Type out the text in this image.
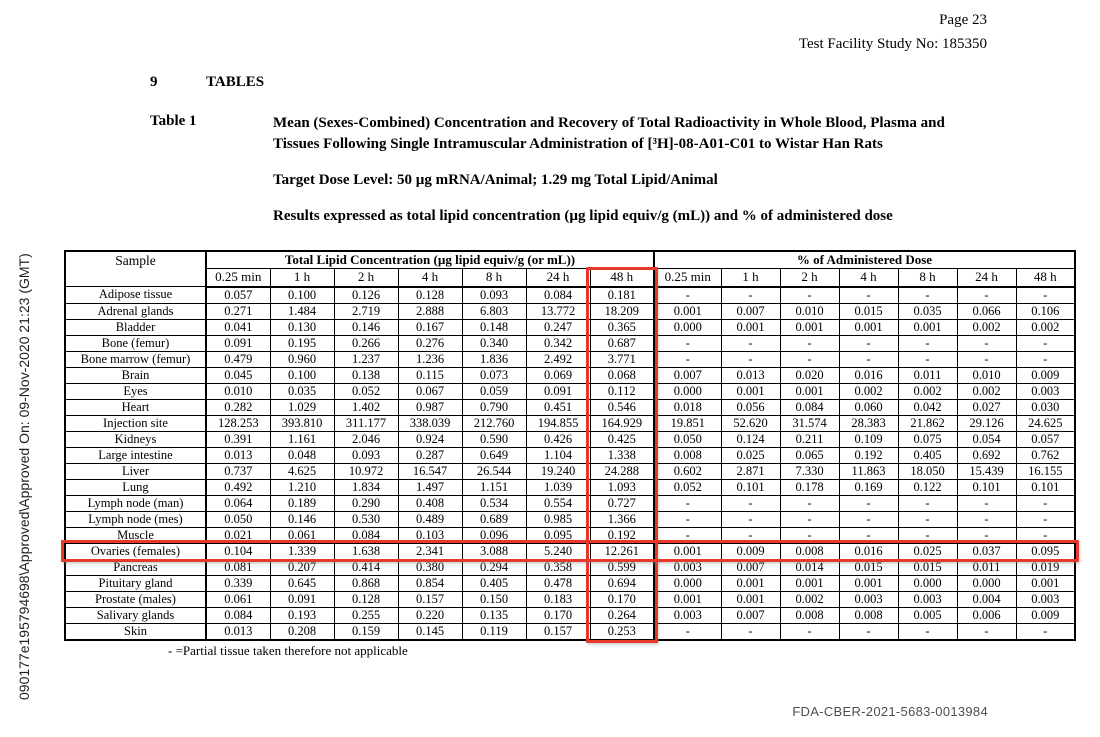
090177e195794698\Approved\Approved On: 09-Nov-2020 21:23 (GMT)
Page 23
Test Facility Study No: 185350
9	TABLES
Table 1	Mean (Sexes-Combined) Concentration and Recovery of Total Radioactivity in Whole Blood, Plasma and Tissues Following Single Intramuscular Administration of [³H]-08-A01-C01 to Wistar Han Rats

Target Dose Level: 50 µg mRNA/Animal; 1.29 mg Total Lipid/Animal

Results expressed as total lipid concentration (µg lipid equiv/g (mL)) and % of administered dose

Sample	Total Lipid Concentration (µg lipid equiv/g (or mL))							% of Administered Dose						
	0.25 min	1 h	2 h	4 h	8 h	24 h	48 h	0.25 min	1 h	2 h	4 h	8 h	24 h	48 h
Adipose tissue	0.057	0.100	0.126	0.128	0.093	0.084	0.181	-	-	-	-	-	-	-
Adrenal glands	0.271	1.484	2.719	2.888	6.803	13.772	18.209	0.001	0.007	0.010	0.015	0.035	0.066	0.106
Bladder	0.041	0.130	0.146	0.167	0.148	0.247	0.365	0.000	0.001	0.001	0.001	0.001	0.002	0.002
Bone (femur)	0.091	0.195	0.266	0.276	0.340	0.342	0.687	-	-	-	-	-	-	-
Bone marrow (femur)	0.479	0.960	1.237	1.236	1.836	2.492	3.771	-	-	-	-	-	-	-
Brain	0.045	0.100	0.138	0.115	0.073	0.069	0.068	0.007	0.013	0.020	0.016	0.011	0.010	0.009
Eyes	0.010	0.035	0.052	0.067	0.059	0.091	0.112	0.000	0.001	0.001	0.002	0.002	0.002	0.003
Heart	0.282	1.029	1.402	0.987	0.790	0.451	0.546	0.018	0.056	0.084	0.060	0.042	0.027	0.030
Injection site	128.253	393.810	311.177	338.039	212.760	194.855	164.929	19.851	52.620	31.574	28.383	21.862	29.126	24.625
Kidneys	0.391	1.161	2.046	0.924	0.590	0.426	0.425	0.050	0.124	0.211	0.109	0.075	0.054	0.057
Large intestine	0.013	0.048	0.093	0.287	0.649	1.104	1.338	0.008	0.025	0.065	0.192	0.405	0.692	0.762
Liver	0.737	4.625	10.972	16.547	26.544	19.240	24.288	0.602	2.871	7.330	11.863	18.050	15.439	16.155
Lung	0.492	1.210	1.834	1.497	1.151	1.039	1.093	0.052	0.101	0.178	0.169	0.122	0.101	0.101
Lymph node (man)	0.064	0.189	0.290	0.408	0.534	0.554	0.727	-	-	-	-	-	-	-
Lymph node (mes)	0.050	0.146	0.530	0.489	0.689	0.985	1.366	-	-	-	-	-	-	-
Muscle	0.021	0.061	0.084	0.103	0.096	0.095	0.192	-	-	-	-	-	-	-
Ovaries (females)	0.104	1.339	1.638	2.341	3.088	5.240	12.261	0.001	0.009	0.008	0.016	0.025	0.037	0.095
Pancreas	0.081	0.207	0.414	0.380	0.294	0.358	0.599	0.003	0.007	0.014	0.015	0.015	0.011	0.019
Pituitary gland	0.339	0.645	0.868	0.854	0.405	0.478	0.694	0.000	0.001	0.001	0.001	0.000	0.000	0.001
Prostate (males)	0.061	0.091	0.128	0.157	0.150	0.183	0.170	0.001	0.001	0.002	0.003	0.003	0.004	0.003
Salivary glands	0.084	0.193	0.255	0.220	0.135	0.170	0.264	0.003	0.007	0.008	0.008	0.005	0.006	0.009
Skin	0.013	0.208	0.159	0.145	0.119	0.157	0.253	-	-	-	-	-	-	-
- =Partial tissue taken therefore not applicable
FDA-CBER-2021-5683-0013984
